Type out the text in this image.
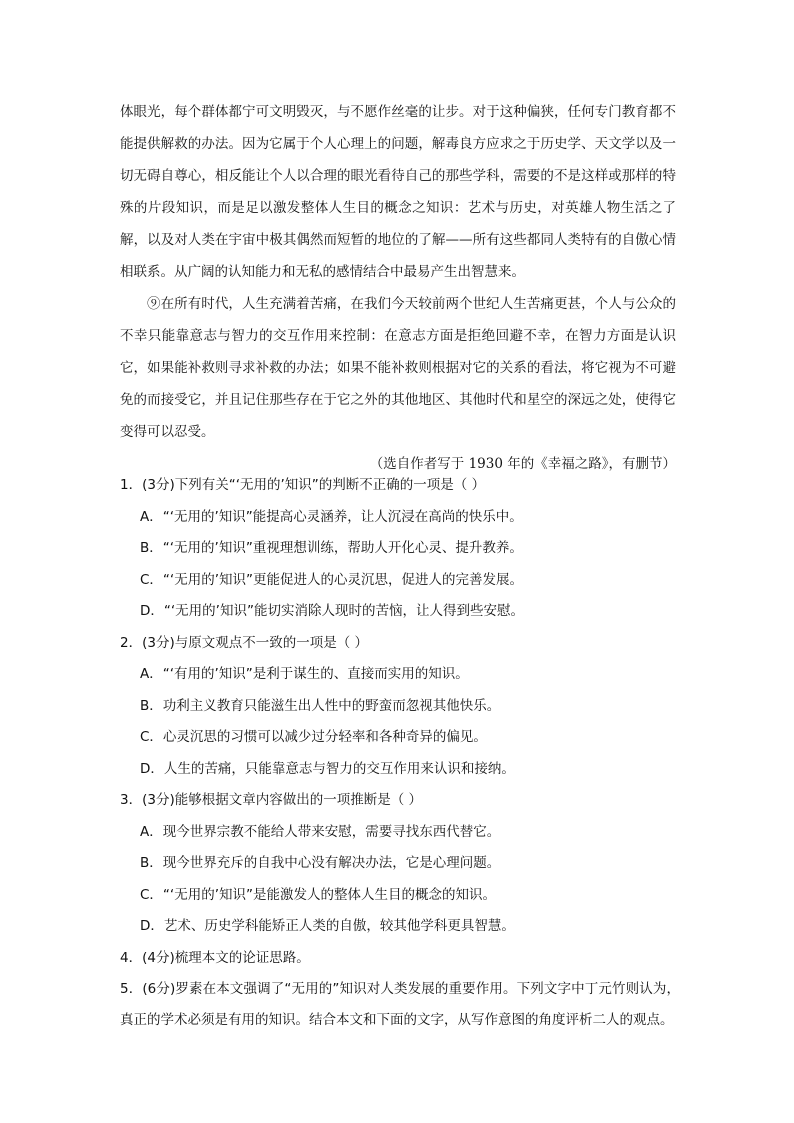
体眼光，每个群体都宁可文明毁灭，与不愿作丝毫的让步。对于这种偏狭，任何专门教育都不能提供解救的办法。因为它属于个人心理上的问题，解毒良方应求之于历史学、天文学以及一切无碍自尊心，相反能让个人以合理的眼光看待自己的那些学科，需要的不是这样或那样的特殊的片段知识，而是足以激发整体人生目的概念之知识：艺术与历史，对英雄人物生活之了解，以及对人类在宇宙中极其偶然而短暂的地位的了解——所有这些都同人类特有的自傲心情相联系。从广阔的认知能力和无私的感情结合中最易产生出智慧来。

⑨在所有时代，人生充满着苦痛，在我们今天较前两个世纪人生苦痛更甚，个人与公众的不幸只能靠意志与智力的交互作用来控制：在意志方面是拒绝回避不幸，在智力方面是认识它，如果能补救则寻求补救的办法；如果不能补救则根据对它的关系的看法，将它视为不可避免的而接受它，并且记住那些存在于它之外的其他地区、其他时代和星空的深远之处，使得它变得可以忍受。

（选自作者写于 1930 年的《幸福之路》，有删节）

1．(3分)下列有关“‘无用的’知识”的判断不正确的一项是（ ）

A．“‘无用的’知识”能提高心灵涵养，让人沉浸在高尚的快乐中。

B．“‘无用的’知识”重视理想训练，帮助人开化心灵、提升教养。

C．“‘无用的’知识”更能促进人的心灵沉思，促进人的完善发展。

D．“‘无用的’知识”能切实消除人现时的苦恼，让人得到些安慰。

2．(3分)与原文观点不一致的一项是（ ）

A．“‘有用的’知识”是利于谋生的、直接而实用的知识。

B．功利主义教育只能滋生出人性中的野蛮而忽视其他快乐。

C．心灵沉思的习惯可以减少过分轻率和各种奇异的偏见。

D．人生的苦痛，只能靠意志与智力的交互作用来认识和接纳。

3．(3分)能够根据文章内容做出的一项推断是（ ）

A．现今世界宗教不能给人带来安慰，需要寻找东西代替它。

B．现今世界充斥的自我中心没有解决办法，它是心理问题。

C．“‘无用的’知识”是能激发人的整体人生目的概念的知识。

D．艺术、历史学科能矫正人类的自傲，较其他学科更具智慧。

4．(4分)梳理本文的论证思路。

5．(6分)罗素在本文强调了“无用的”知识对人类发展的重要作用。下列文字中丁元竹则认为，真正的学术必须是有用的知识。结合本文和下面的文字，从写作意图的角度评析二人的观点。
